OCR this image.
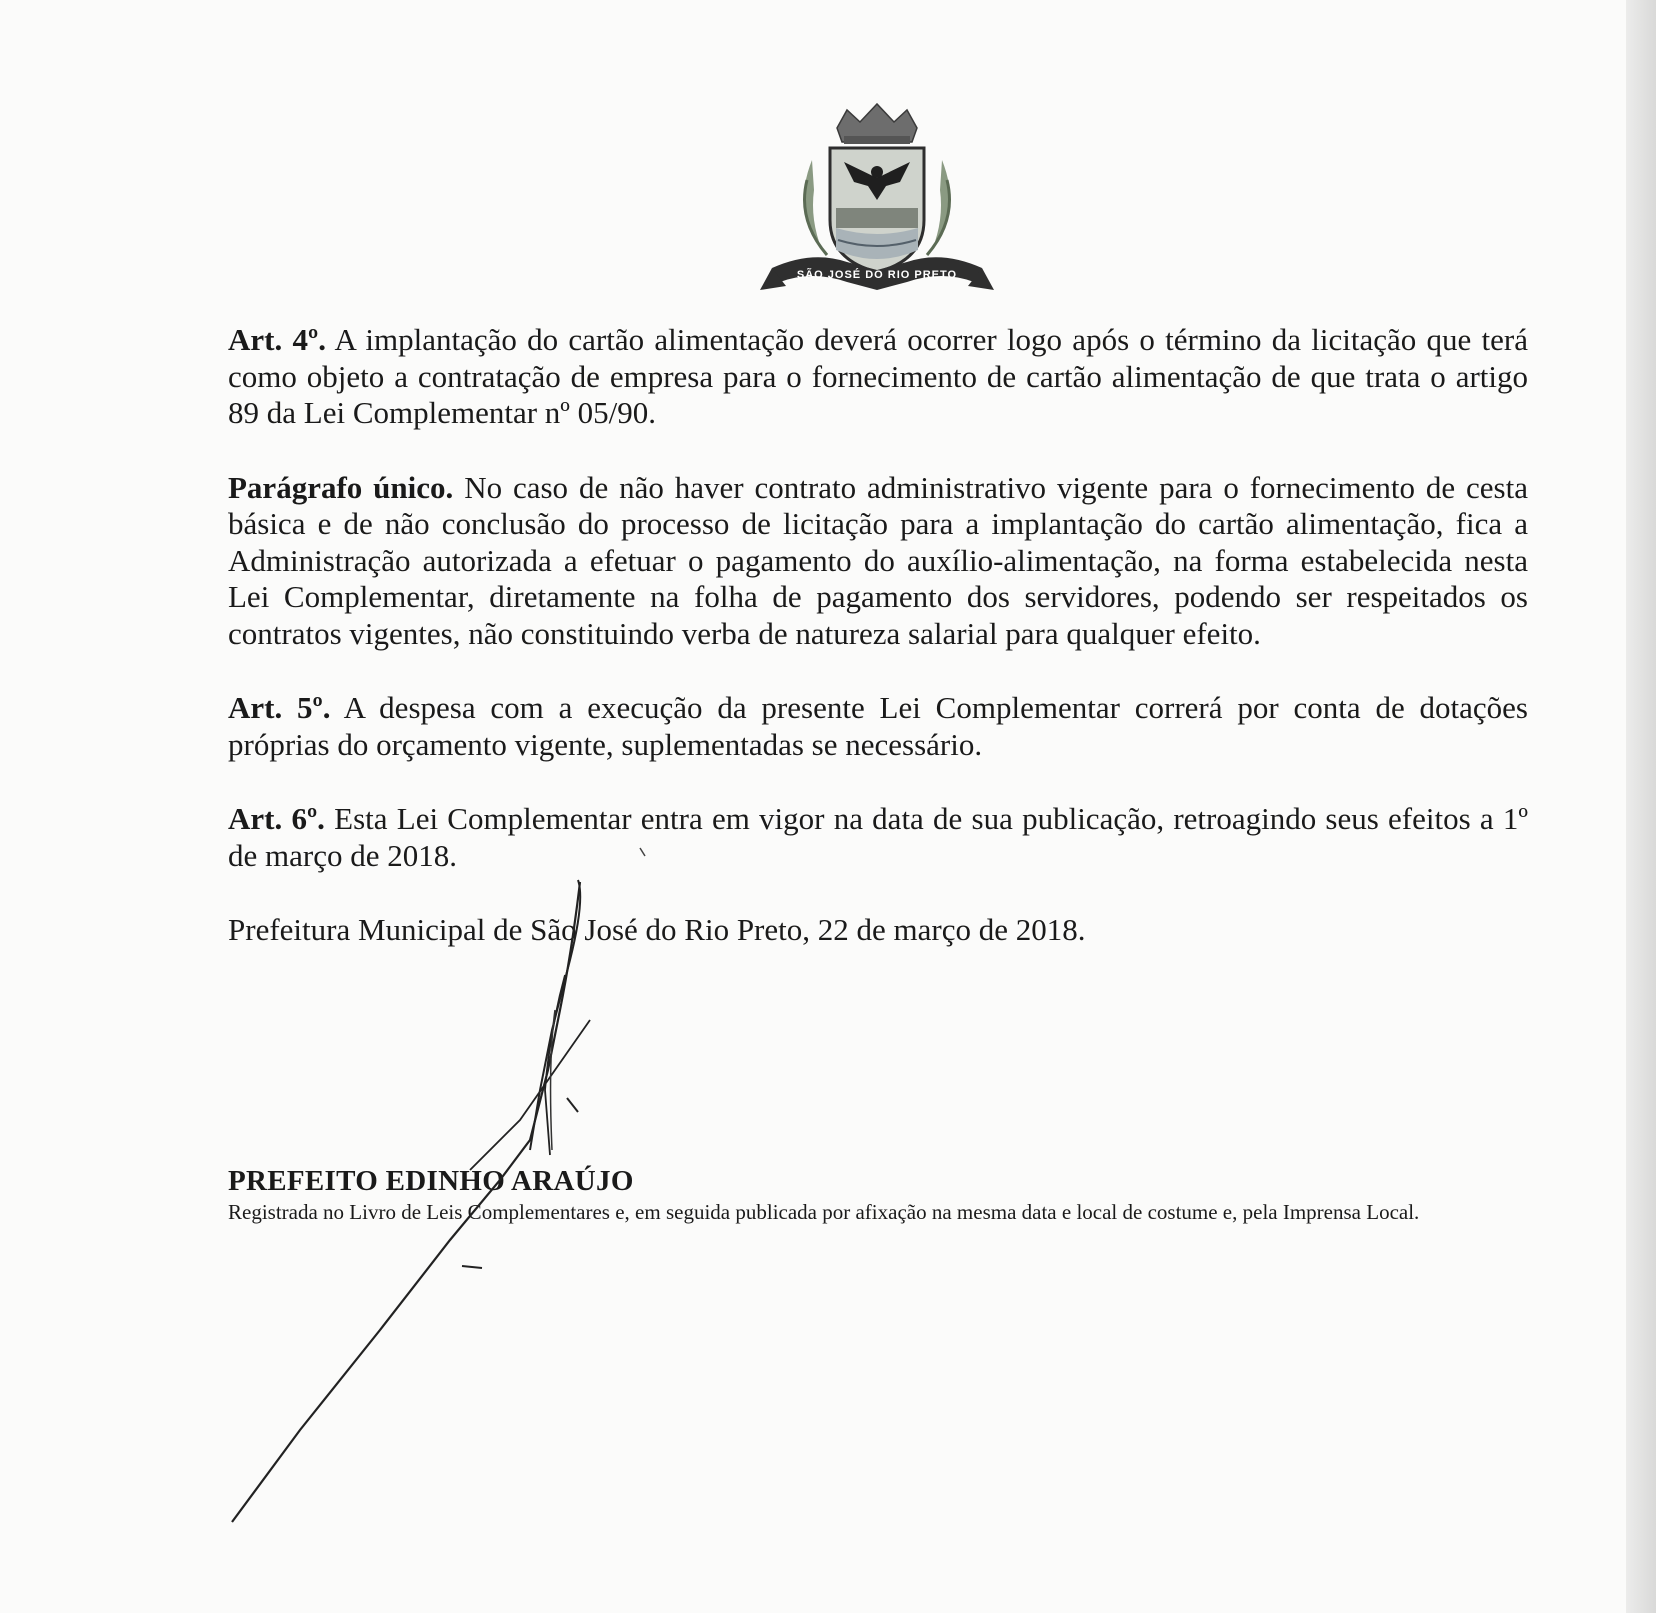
SÃO JOSÉ DO RIO PRETO

Art. 4º. A implantação do cartão alimentação deverá ocorrer logo após o término da licitação que terá como objeto a contratação de empresa para o fornecimento de cartão alimentação de que trata o artigo 89 da Lei Complementar nº 05/90.

Parágrafo único. No caso de não haver contrato administrativo vigente para o fornecimento de cesta básica e de não conclusão do processo de licitação para a implantação do cartão alimentação, fica a Administração autorizada a efetuar o pagamento do auxílio-alimentação, na forma estabelecida nesta Lei Complementar, diretamente na folha de pagamento dos servidores, podendo ser respeitados os contratos vigentes, não constituindo verba de natureza salarial para qualquer efeito.

Art. 5º. A despesa com a execução da presente Lei Complementar correrá por conta de dotações próprias do orçamento vigente, suplementadas se necessário.

Art. 6º. Esta Lei Complementar entra em vigor na data de sua publicação, retroagindo seus efeitos a 1º de março de 2018.

Prefeitura Municipal de São José do Rio Preto, 22 de março de 2018.

PREFEITO EDINHO ARAÚJO

Registrada no Livro de Leis Complementares e, em seguida publicada por afixação na mesma data e local de costume e, pela Imprensa Local.
